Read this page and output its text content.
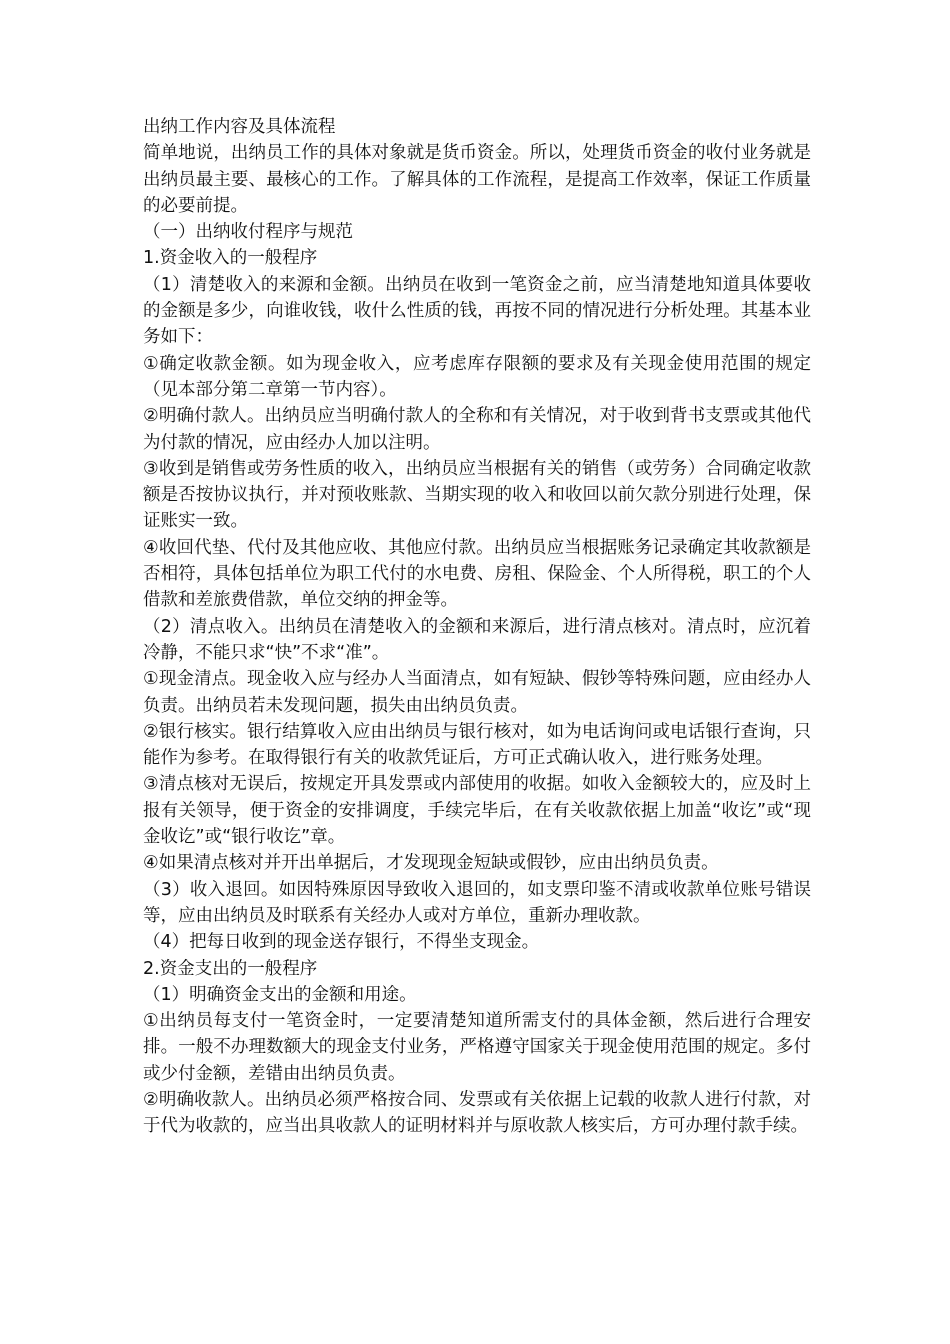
出纳工作内容及具体流程

简单地说，出纳员工作的具体对象就是货币资金。所以，处理货币资金的收付业务就是出纳员最主要、最核心的工作。了解具体的工作流程，是提高工作效率，保证工作质量的必要前提。

（一）出纳收付程序与规范

1.资金收入的一般程序

（1）清楚收入的来源和金额。出纳员在收到一笔资金之前，应当清楚地知道具体要收的金额是多少，向谁收钱，收什么性质的钱，再按不同的情况进行分析处理。其基本业务如下：

①确定收款金额。如为现金收入，应考虑库存限额的要求及有关现金使用范围的规定（见本部分第二章第一节内容）。

②明确付款人。出纳员应当明确付款人的全称和有关情况，对于收到背书支票或其他代为付款的情况，应由经办人加以注明。

③收到是销售或劳务性质的收入，出纳员应当根据有关的销售（或劳务）合同确定收款额是否按协议执行，并对预收账款、当期实现的收入和收回以前欠款分别进行处理，保证账实一致。

④收回代垫、代付及其他应收、其他应付款。出纳员应当根据账务记录确定其收款额是否相符，具体包括单位为职工代付的水电费、房租、保险金、个人所得税，职工的个人借款和差旅费借款，单位交纳的押金等。

（2）清点收入。出纳员在清楚收入的金额和来源后，进行清点核对。清点时，应沉着冷静，不能只求“快”不求“准”。

①现金清点。现金收入应与经办人当面清点，如有短缺、假钞等特殊问题，应由经办人负责。出纳员若未发现问题，损失由出纳员负责。

②银行核实。银行结算收入应由出纳员与银行核对，如为电话询问或电话银行查询，只能作为参考。在取得银行有关的收款凭证后，方可正式确认收入，进行账务处理。

③清点核对无误后，按规定开具发票或内部使用的收据。如收入金额较大的，应及时上报有关领导，便于资金的安排调度，手续完毕后，在有关收款依据上加盖“收讫”或“现金收讫”或“银行收讫”章。

④如果清点核对并开出单据后，才发现现金短缺或假钞，应由出纳员负责。

（3）收入退回。如因特殊原因导致收入退回的，如支票印鉴不清或收款单位账号错误等，应由出纳员及时联系有关经办人或对方单位，重新办理收款。

（4）把每日收到的现金送存银行，不得坐支现金。

2.资金支出的一般程序

（1）明确资金支出的金额和用途。

①出纳员每支付一笔资金时，一定要清楚知道所需支付的具体金额，然后进行合理安排。一般不办理数额大的现金支付业务，严格遵守国家关于现金使用范围的规定。多付或少付金额，差错由出纳员负责。

②明确收款人。出纳员必须严格按合同、发票或有关依据上记载的收款人进行付款，对于代为收款的，应当出具收款人的证明材料并与原收款人核实后，方可办理付款手续。
